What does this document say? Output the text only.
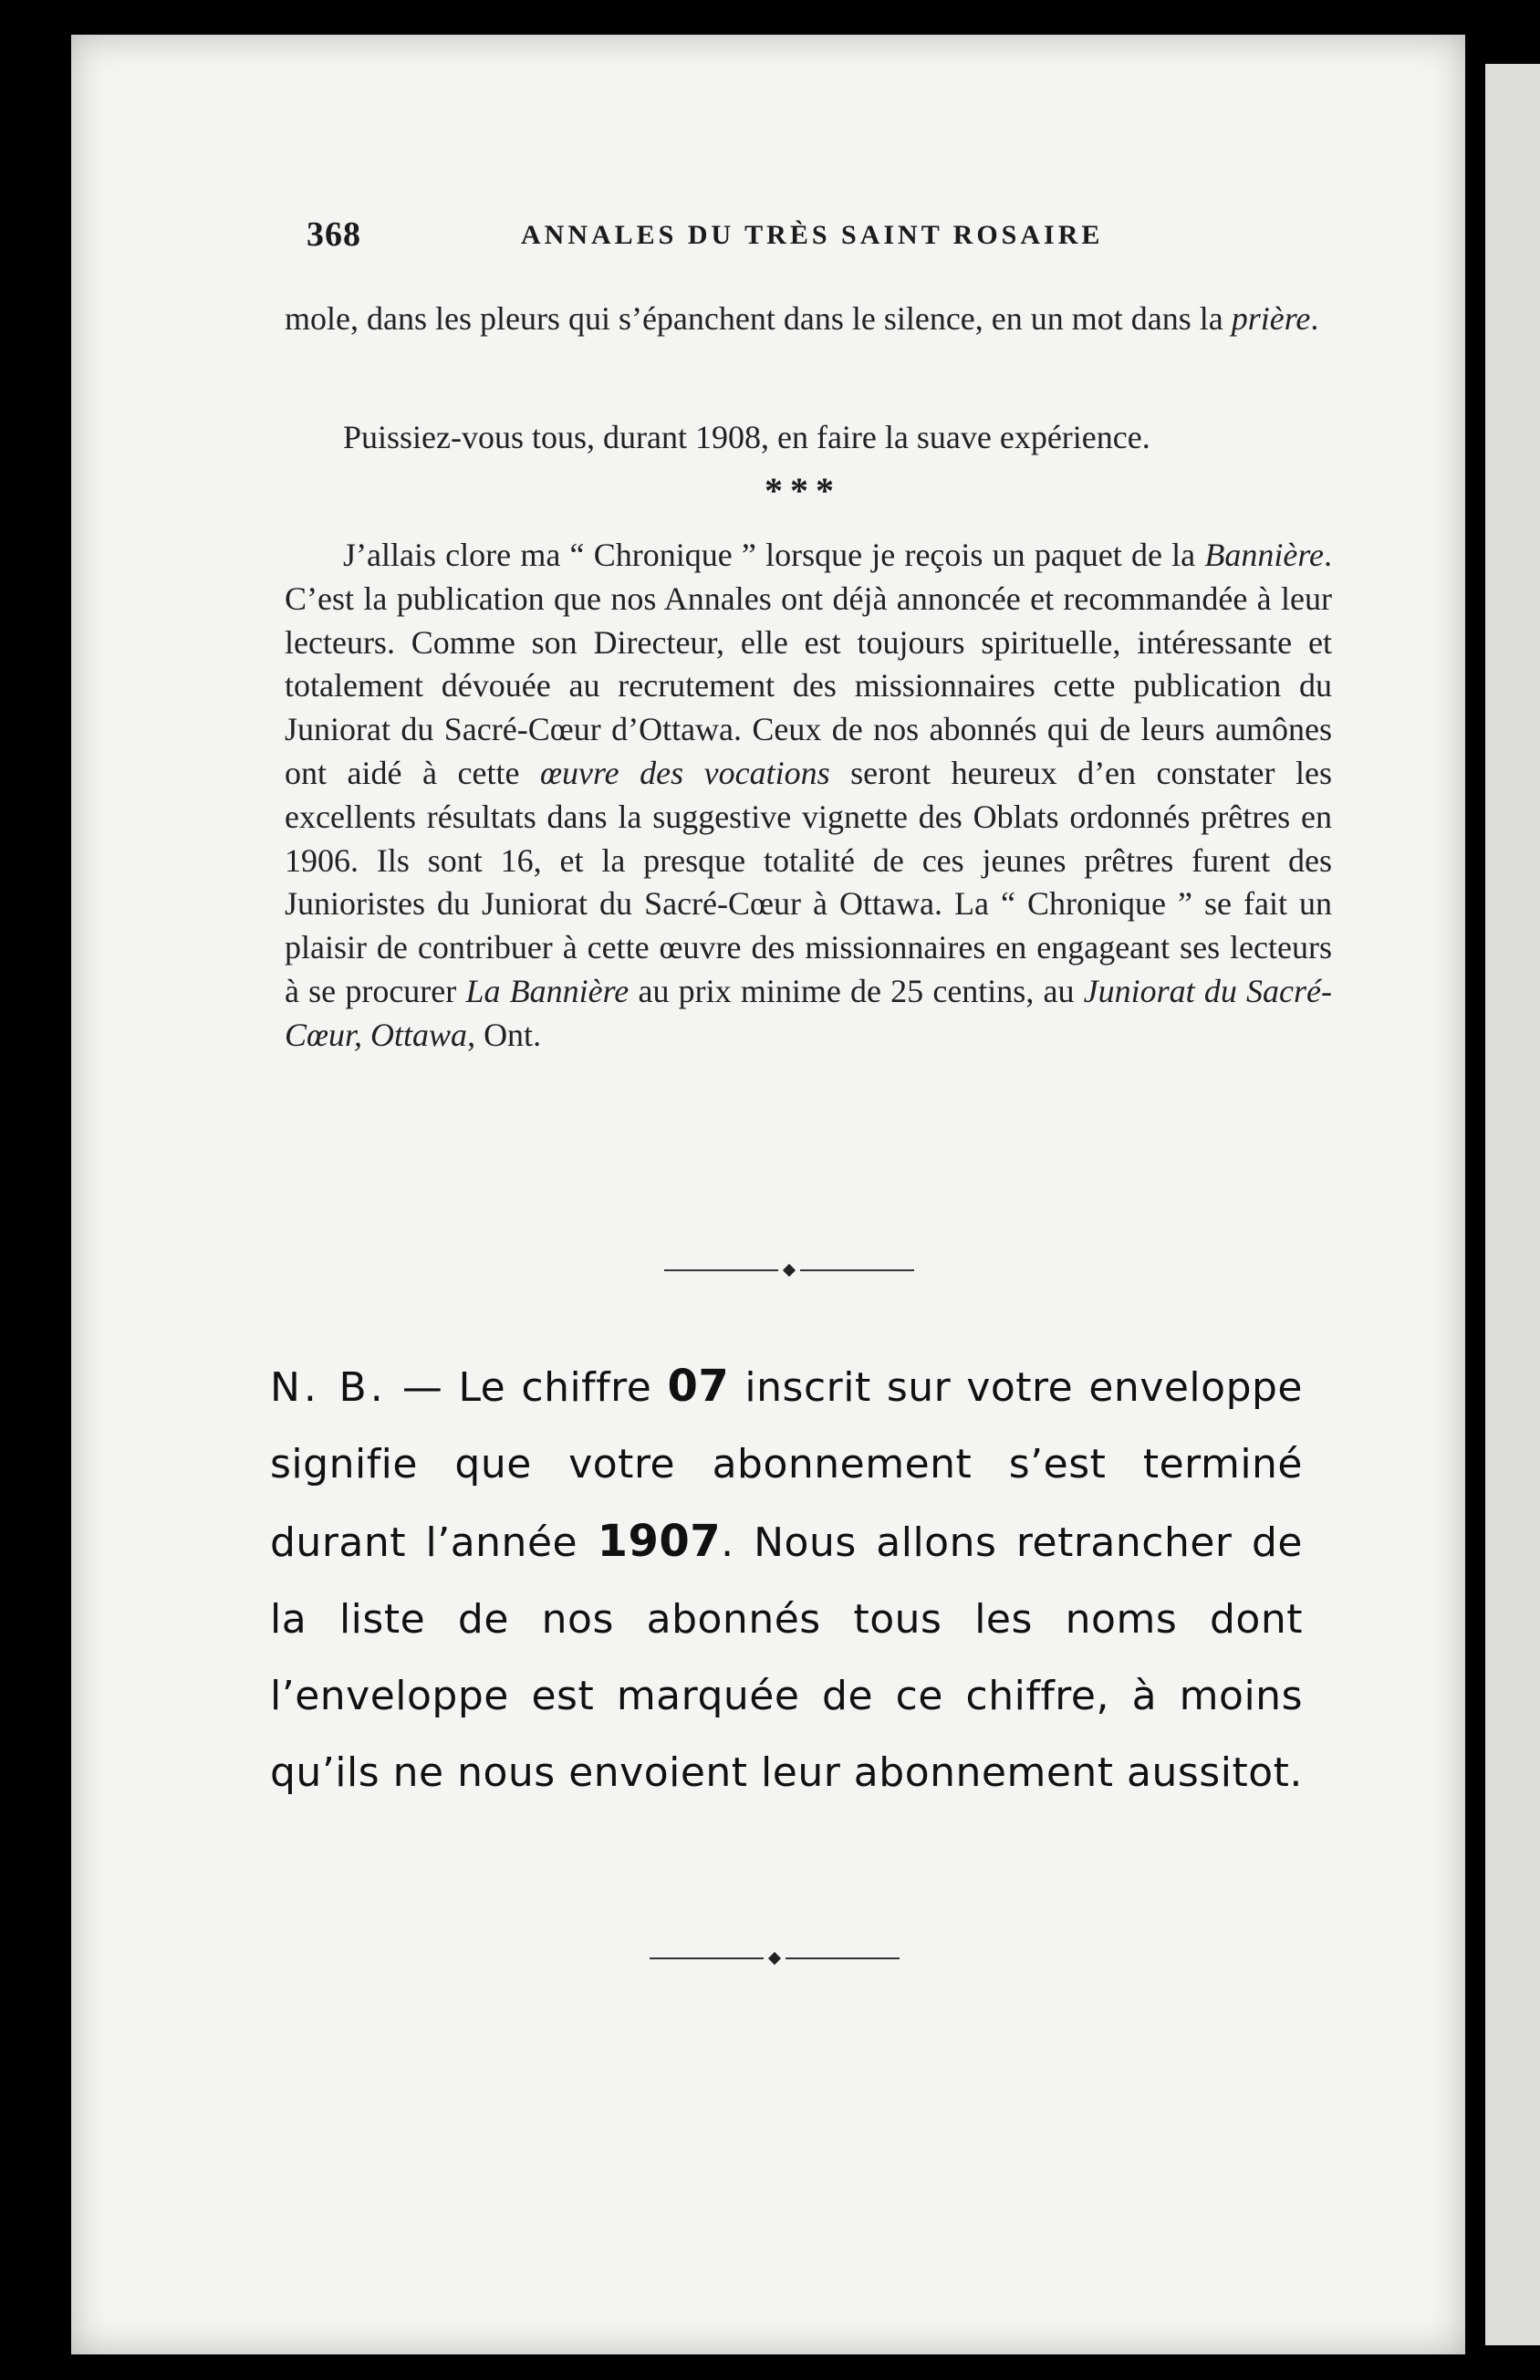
368	ANNALES DU TRÈS SAINT ROSAIRE
mole, dans les pleurs qui s’épanchent dans le silence, en un mot dans la prière.
Puissiez-vous tous, durant 1908, en faire la suave expérience.
* * *
J’allais clore ma “ Chronique ” lorsque je reçois un paquet de la Bannière. C’est la publication que nos Annales ont déjà annoncée et recommandée à leur lecteurs. Comme son Directeur, elle est toujours spirituelle, intéressante et totalement dévouée au recrutement des missionnaires cette publication du Juniorat du Sacré-Cœur d’Ottawa. Ceux de nos abonnés qui de leurs aumônes ont aidé à cette œuvre des vocations seront heureux d’en constater les excellents résultats dans la suggestive vignette des Oblats ordonnés prêtres en 1906. Ils sont 16, et la presque totalité de ces jeunes prêtres furent des Junioristes du Juniorat du Sacré-Cœur à Ottawa. La “ Chronique ” se fait un plaisir de contribuer à cette œuvre des missionnaires en engageant ses lecteurs à se procurer La Bannière au prix minime de 25 centins, au Juniorat du Sacré-Cœur, Ottawa, Ont.
N. B. — Le chiffre 07 inscrit sur votre enveloppe signifie que votre abonnement s’est terminé durant l’année 1907. Nous allons retrancher de la liste de nos abonnés tous les noms dont l’enveloppe est marquée de ce chiffre, à moins qu’ils ne nous envoient leur abonnement aussitot.
